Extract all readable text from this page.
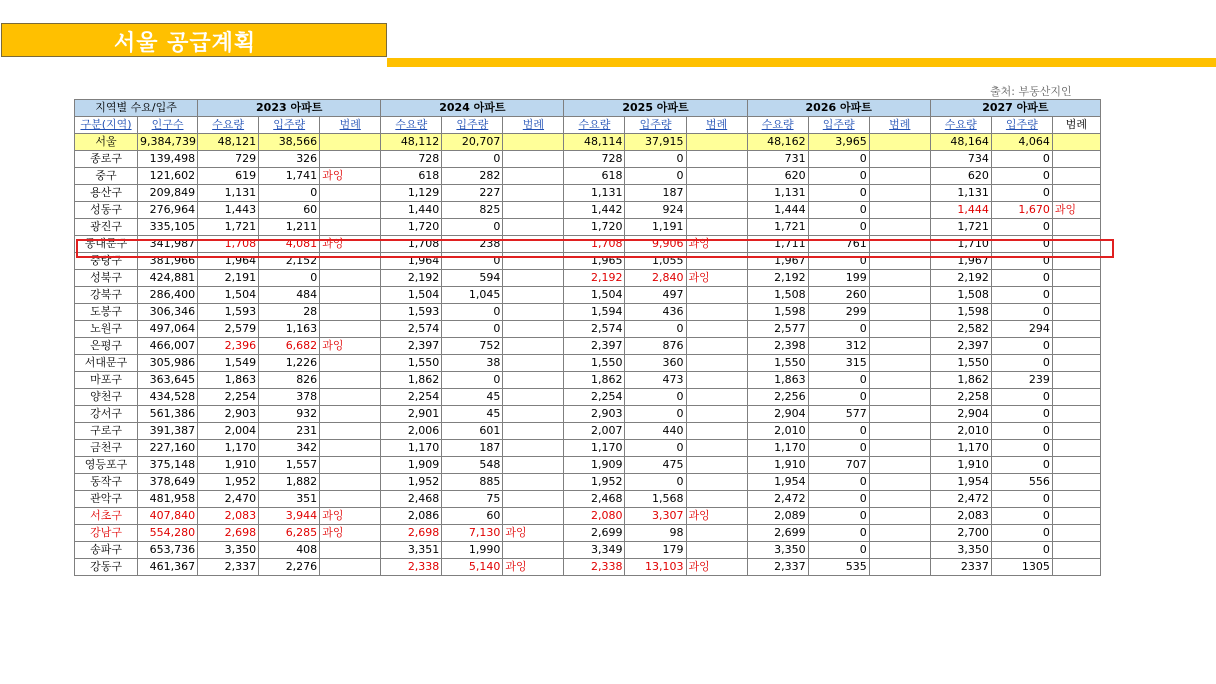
서울 공급계획
출처: 부동산지인
지역별 수요/입주		2023 아파트			2024 아파트			2025 아파트			2026 아파트			2027 아파트		
구분(지역)	인구수	수요량	입주량	범례	수요량	입주량	범례	수요량	입주량	범례	수요량	입주량	범례	수요량	입주량	범례
서울	9,384,739	48,121	38,566		48,112	20,707		48,114	37,915		48,162	3,965		48,164	4,064	
종로구	139,498	729	326		728	0		728	0		731	0		734	0	
중구	121,602	619	1,741	과잉	618	282		618	0		620	0		620	0	
용산구	209,849	1,131	0		1,129	227		1,131	187		1,131	0		1,131	0	
성동구	276,964	1,443	60		1,440	825		1,442	924		1,444	0		1,444	1,670	과잉
광진구	335,105	1,721	1,211		1,720	0		1,720	1,191		1,721	0		1,721	0	
동대문구	341,987	1,708	4,081	과잉	1,708	238		1,708	9,906	과잉	1,711	761		1,710	0	
중랑구	381,966	1,964	2,152		1,964	0		1,965	1,055		1,967	0		1,967	0	
성북구	424,881	2,191	0		2,192	594		2,192	2,840	과잉	2,192	199		2,192	0	
강북구	286,400	1,504	484		1,504	1,045		1,504	497		1,508	260		1,508	0	
도봉구	306,346	1,593	28		1,593	0		1,594	436		1,598	299		1,598	0	
노원구	497,064	2,579	1,163		2,574	0		2,574	0		2,577	0		2,582	294	
은평구	466,007	2,396	6,682	과잉	2,397	752		2,397	876		2,398	312		2,397	0	
서대문구	305,986	1,549	1,226		1,550	38		1,550	360		1,550	315		1,550	0	
마포구	363,645	1,863	826		1,862	0		1,862	473		1,863	0		1,862	239	
양천구	434,528	2,254	378		2,254	45		2,254	0		2,256	0		2,258	0	
강서구	561,386	2,903	932		2,901	45		2,903	0		2,904	577		2,904	0	
구로구	391,387	2,004	231		2,006	601		2,007	440		2,010	0		2,010	0	
금천구	227,160	1,170	342		1,170	187		1,170	0		1,170	0		1,170	0	
영등포구	375,148	1,910	1,557		1,909	548		1,909	475		1,910	707		1,910	0	
동작구	378,649	1,952	1,882		1,952	885		1,952	0		1,954	0		1,954	556	
관악구	481,958	2,470	351		2,468	75		2,468	1,568		2,472	0		2,472	0	
서초구	407,840	2,083	3,944	과잉	2,086	60		2,080	3,307	과잉	2,089	0		2,083	0	
강남구	554,280	2,698	6,285	과잉	2,698	7,130	과잉	2,699	98		2,699	0		2,700	0	
송파구	653,736	3,350	408		3,351	1,990		3,349	179		3,350	0		3,350	0	
강동구	461,367	2,337	2,276		2,338	5,140	과잉	2,338	13,103	과잉	2,337	535		2337	1305	
